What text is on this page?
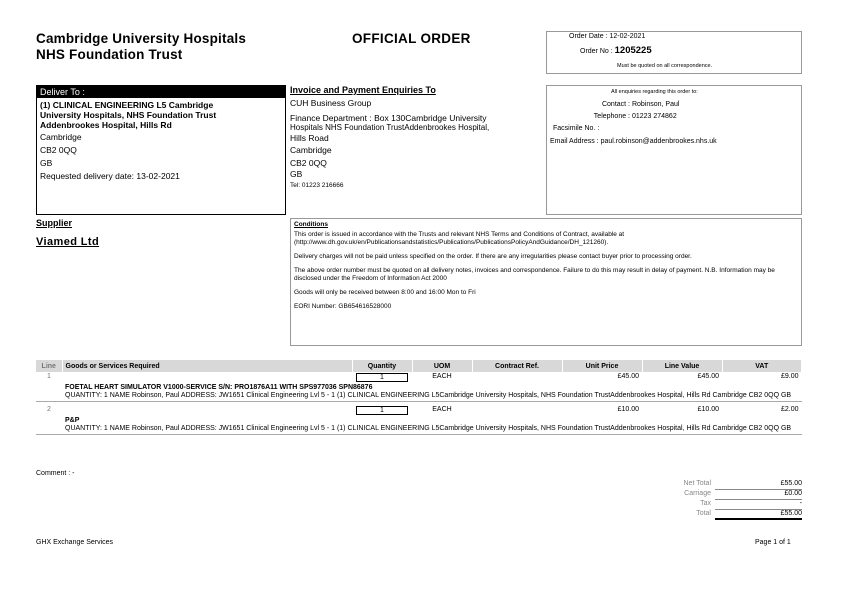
Cambridge University Hospitals
NHS Foundation Trust
OFFICIAL ORDER	Order Date : 12-02-2021
Order No : 1205225
Must be quoted on all correspondence.
Deliver To :
(1) CLINICAL ENGINEERING L5 Cambridge
University Hospitals, NHS Foundation Trust
Addenbrookes Hospital, Hills Rd
Cambridge
CB2 0QQ
GB
Requested delivery date: 13-02-2021
Invoice and Payment Enquiries To
CUH Business Group
Finance Department : Box 130Cambridge University
Hospitals NHS Foundation TrustAddenbrookes Hospital,
Hills Road
Cambridge
CB2 0QQ
GB
Tel: 01223 216666
All enquiries regarding this order to:
Contact : Robinson, Paul
Telephone : 01223 274862
Facsimile No. :
Email Address : paul.robinson@addenbrookes.nhs.uk
Supplier
Viamed Ltd
Conditions

This order is issued in accordance with the Trusts and relevant NHS Terms and Conditions of Contract, available at (http://www.dh.gov.uk/en/Publicationsandstatistics/Publications/PublicationsPolicyAndGuidance/DH_121260).

Delivery charges will not be paid unless specified on the order. If there are any irregularities please contact buyer prior to processing order.

The above order number must be quoted on all delivery notes, invoices and correspondence. Failure to do this may result in delay of payment. N.B. Information may be disclosed under the Freedom of Information Act 2000

Goods will only be received between 8:00 and 16:00 Mon to Fri

EORI Number: GB654616528000

Line	Goods or Services Required	Quantity	UOM	Contract Ref.	Unit Price	Line Value	VAT
1		1	EACH		£45.00	£45.00	£9.00

	FOETAL HEART SIMULATOR V1000-SERVICE S/N: PRO1876A11 WITH SPS977036 SPN86876
QUANTITY: 1 NAME Robinson, Paul ADDRESS: JW1651 Clinical Engineering Lvl 5 - 1 (1) CLINICAL ENGINEERING L5Cambridge University Hospitals, NHS Foundation TrustAddenbrookes Hospital, Hills Rd Cambridge CB2 0QQ GB						

2		1	EACH		£10.00	£10.00	£2.00

	P&P
QUANTITY: 1 NAME Robinson, Paul ADDRESS: JW1651 Clinical Engineering Lvl 5 - 1 (1) CLINICAL ENGINEERING L5Cambridge University Hospitals, NHS Foundation TrustAddenbrookes Hospital, Hills Rd Cambridge CB2 0QQ GB						
Comment : -
Net Total	£55.00
Carriage	£0.00
Tax	-
Total	£55.00
GHX Exchange Services	Page 1 of 1
